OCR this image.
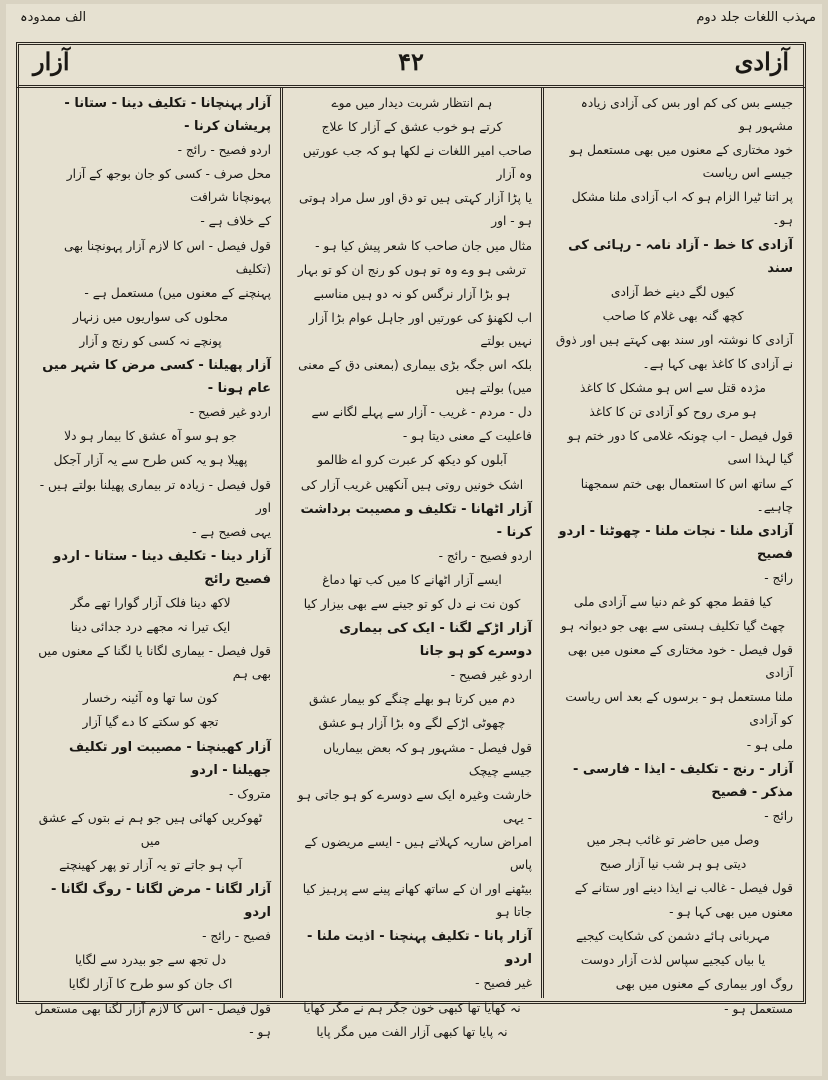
مہذب اللغات جلد دوم
الف ممدودہ
آزادی
۴۲
آزار

جیسے بس کی کم اور بس کی آزادی زیادہ مشہور ہو

خود مختاری کے معنوں میں بھی مستعمل ہو جیسے اس ریاست

پر اتنا ٹیرا الزام ہو کہ اب آزادی ملنا مشکل ہو۔

آزادی کا خط - آزاد نامہ - رہائی کی سند

کیوں لگے دینے خط آزادی

کچھ گنہ بھی غلام کا صاحب

آزادی کا نوشتہ اور سند بھی کہتے ہیں اور ذوق

نے آزادی کا کاغذ بھی کہا ہے۔

مژدہ قتل سے اس ہو مشکل کا کاغذ

ہو مری روح کو آزادی تن کا کاغذ

قول فیصل - اب چونکہ غلامی کا دور ختم ہو گیا لہذا اسی

کے ساتھ اس کا استعمال بھی ختم سمجھنا چاہیے۔

آزادی ملنا - نجات ملنا - چھوٹنا - اردو فصیح

رائج -

کیا فقط مجھ کو غم دنیا سے آزادی ملی

چھٹ گیا تکلیف ہستی سے بھی جو دیوانہ ہو

قول فیصل - خود مختاری کے معنوں میں بھی آزادی

ملنا مستعمل ہو - برسوں کے بعد اس ریاست کو آزادی

ملی ہو -

آزار - رنج - تکلیف - ایذا - فارسی - مذکر - فصیح

رائج -

وصل میں حاضر تو غائب ہجر میں

دیتی ہو ہر شب نیا آزار صبح

قول فیصل - غالب نے ایذا دینے اور ستانے کے

معنوں میں بھی کہا ہو -

مہربانی ہائے دشمن کی شکایت کیجیے

یا بیاں کیجیے سپاس لذت آزار دوست

روگ اور بیماری کے معنوں میں بھی

مستعمل ہو -

ہم انتظار شربت دیدار میں موے

کرتے ہو خوب عشق کے آزار کا علاج

صاحب امیر اللغات نے لکھا ہو کہ جب عورتیں وہ آزار

یا پڑا آزار کہتی ہیں تو دق اور سل مراد ہوتی ہو - اور

مثال میں جان صاحب کا شعر پیش کیا ہو -

ترشی ہو وے وہ تو ہوں کو رنج ان کو تو بہار

ہو بڑا آزار نرگس کو نہ دو ہیں مناسبے

اب لکھنؤ کی عورتیں اور جاہل عوام بڑا آزار نہیں بولتے

بلکہ اس جگہ بڑی بیماری (بمعنی دق کے معنی میں) بولتے ہیں

دل - مردم - غریب - آزار سے پہلے لگانے سے

فاعلیت کے معنی دیتا ہو -

آبلوں کو دیکھ کر عبرت کرو اے ظالمو

اشک خونیں روتی ہیں آنکھیں غریب آزار کی

آزار اٹھانا - تکلیف و مصیبت برداشت کرنا -

اردو فصیح - رائج -

ایسے آزار اٹھانے کا میں کب تھا دماغ

کون نت نے دل کو تو جینے سے بھی بیزار کیا

آزار اڑکے لگنا - ایک کی بیماری دوسرے کو ہو جانا

اردو غیر فصیح -

دم میں کرتا ہو بھلے چنگے کو بیمار عشق

چھوٹی اڑکے لگے وہ بڑا آزار ہو عشق

قول فیصل - مشہور ہو کہ بعض بیماریاں جیسے چیچک

خارشت وغیرہ ایک سے دوسرے کو ہو جاتی ہو - یہی

امراض ساریہ کہلاتے ہیں - ایسے مریضوں کے پاس

بیٹھنے اور ان کے ساتھ کھانے پینے سے پرہیز کیا جاتا ہو

آزار پانا - تکلیف پہنچنا - اذیت ملنا - اردو

غیر فصیح -

نہ کھایا تھا کبھی خون جگر ہم نے مگر کھایا

نہ پایا تھا کبھی آزار الفت میں مگر پایا

آزار پہنچانا - تکلیف دینا - ستانا - پریشان کرنا -

اردو فصیح - رائج -

محل صرف - کسی کو جان بوجھ کے آزار پہونچانا شرافت

کے خلاف ہے -

قول فیصل - اس کا لازم آزار پہونچنا بھی (تکلیف

پہنچنے کے معنوں میں) مستعمل ہے -

محلوں کی سواریوں میں زنہار

پونچے نہ کسی کو رنج و آزار

آزار پھیلنا - کسی مرض کا شہر میں عام ہونا -

اردو غیر فصیح -

جو ہو سو آہ عشق کا بیمار ہو دلا

پھیلا ہو یہ کس طرح سے یہ آزار آجکل

قول فیصل - زیادہ تر بیماری پھیلنا بولتے ہیں - اور

یہی فصیح ہے -

آزار دینا - تکلیف دینا - ستانا - اردو فصیح رائج

لاکھ دینا فلک آزار گوارا تھے مگر

ایک تیرا نہ مجھے درد جدائی دینا

قول فیصل - بیماری لگانا یا لگنا کے معنوں میں بھی ہم

کون سا تھا وہ آئینہ رخسار

تجھ کو سکتے کا دے گیا آزار

آزار کھینچنا - مصیبت اور تکلیف جھیلنا - اردو

متروک -

ٹھوکریں کھائی ہیں جو ہم نے بتوں کے عشق میں

آپ ہو جاتے تو یہ آزار تو پھر کھینچتے

آزار لگانا - مرض لگانا - روگ لگانا - اردو

فصیح - رائج -

دل تجھ سے جو بیدرد سے لگایا

اک جان کو سو طرح کا آزار لگایا

قول فیصل - اس کا لازم آزار لگنا بھی مستعمل ہو -
